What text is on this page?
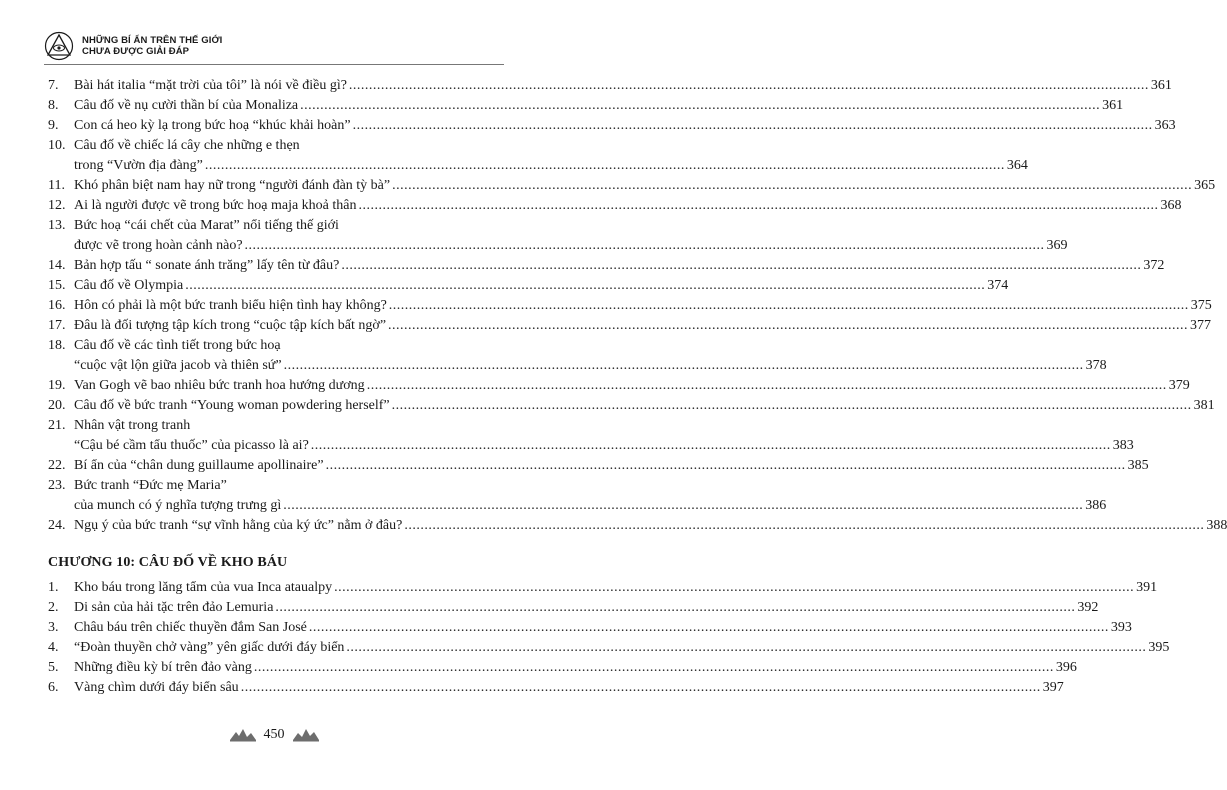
NHỮNG BÍ ẨN TRÊN THẾ GIỚI
CHƯA ĐƯỢC GIẢI ĐÁP
7.	Bài hát italia “mặt trời của tôi” là nói về điều gì? ........................................................................................................................................................................................................ 361
8.	Câu đố về nụ cười thần bí của Monaliza ........................................................................................................................................................................................................ 361
9.	Con cá heo kỳ lạ trong bức hoạ “khúc khải hoàn” ........................................................................................................................................................................................................ 363
10. Câu đố về chiếc lá cây che những e thẹn
trong “Vườn địa đàng” ........................................................................................................................................................................................................ 364
11. Khó phân biệt nam hay nữ trong “người đánh đàn tỳ bà” ........................................................................................................................................................................................................ 365
12. Ai là người được vẽ trong bức hoạ maja khoả thân ........................................................................................................................................................................................................ 368
13. Bức hoạ “cái chết của Marat” nổi tiếng thế giới
được vẽ trong hoàn cảnh nào? ........................................................................................................................................................................................................ 369
14. Bản hợp tấu “ sonate ánh trăng” lấy tên từ đâu? ........................................................................................................................................................................................................ 372
15. Câu đố về Olympia ........................................................................................................................................................................................................ 374
16. Hôn có phải là một bức tranh biểu hiện tình hay không? ........................................................................................................................................................................................................ 375
17. Đâu là đối tượng tập kích trong “cuộc tập kích bất ngờ” ........................................................................................................................................................................................................ 377
18. Câu đố về các tình tiết trong bức hoạ
“cuộc vật lộn giữa jacob và thiên sứ” ........................................................................................................................................................................................................ 378
19. Van Gogh vẽ bao nhiêu bức tranh hoa hướng dương ........................................................................................................................................................................................................ 379
20. Câu đố về bức tranh “Young woman powdering herself” ........................................................................................................................................................................................................ 381
21. Nhân vật trong tranh
“Cậu bé cầm tẩu thuốc” của picasso là ai? ........................................................................................................................................................................................................ 383
22. Bí ẩn của “chân dung guillaume apollinaire” ........................................................................................................................................................................................................ 385
23. Bức tranh “Đức mẹ Maria”
của munch có ý nghĩa tượng trưng gì ........................................................................................................................................................................................................ 386
24. Ngụ ý của bức tranh “sự vĩnh hằng của ký ức” nằm ở đâu? ........................................................................................................................................................................................................ 388
CHƯƠNG 10: CÂU ĐỐ VỀ KHO BÁU
1.	Kho báu trong lăng tẩm của vua Inca ataualpy ........................................................................................................................................................................................................ 391
2.	Di sản của hải tặc trên đảo Lemuria ........................................................................................................................................................................................................ 392
3.	Châu báu trên chiếc thuyền đắm San José ........................................................................................................................................................................................................ 393
4.	“Đoàn thuyền chở vàng” yên giấc dưới đáy biển ........................................................................................................................................................................................................ 395
5.	Những điều kỳ bí trên đảo vàng ........................................................................................................................................................................................................ 396
6.	Vàng chìm dưới đáy biển sâu ........................................................................................................................................................................................................ 397
450
